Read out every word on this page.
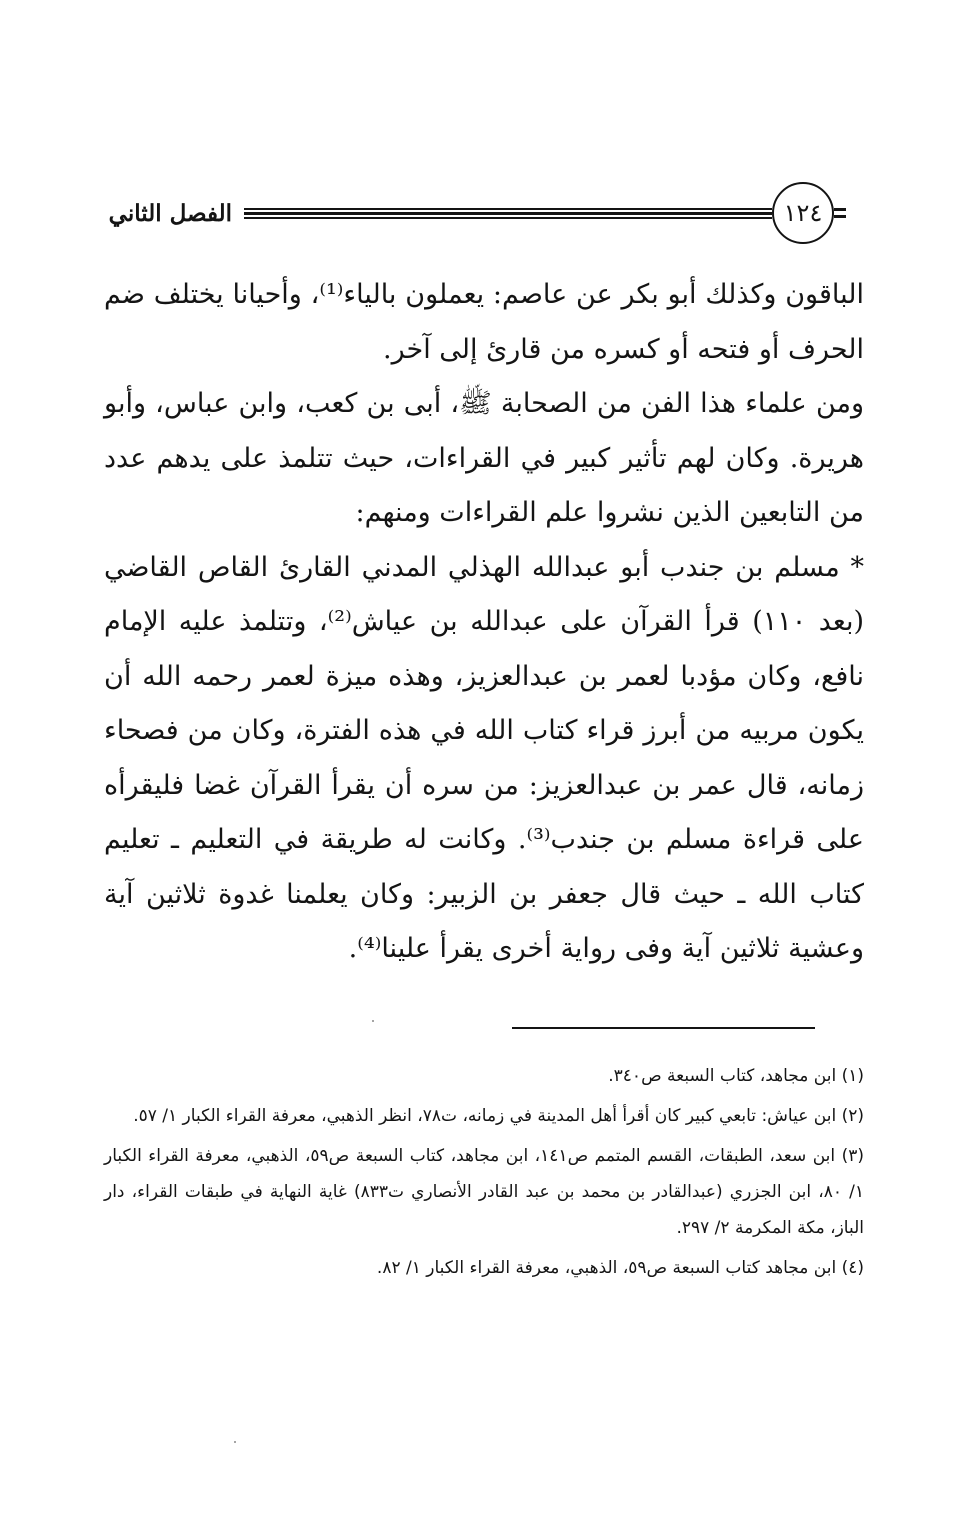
الفصل الثاني	١٢٤

الباقون وكذلك أبو بكر عن عاصم: يعملون بالياء⁽¹⁾، وأحيانا يختلف ضم الحرف أو فتحه أو كسره من قارئ إلى آخر.

ومن علماء هذا الفن من الصحابة ﷺ، أبى بن كعب، وابن عباس، وأبو هريرة. وكان لهم تأثير كبير في القراءات، حيث تتلمذ على يدهم عدد من التابعين الذين نشروا علم القراءات ومنهم:

* مسلم بن جندب أبو عبدالله الهذلي المدني القارئ القاص القاضي (بعد ١١٠) قرأ القرآن على عبدالله بن عياش⁽²⁾، وتتلمذ عليه الإمام نافع، وكان مؤدبا لعمر بن عبدالعزيز، وهذه ميزة لعمر رحمه الله أن يكون مربيه من أبرز قراء كتاب الله في هذه الفترة، وكان من فصحاء زمانه، قال عمر بن عبدالعزيز: من سره أن يقرأ القرآن غضا فليقرأه على قراءة مسلم بن جندب⁽³⁾. وكانت له طريقة في التعليم ـ تعليم كتاب الله ـ حيث قال جعفر بن الزبير: وكان يعلمنا غدوة ثلاثين آية وعشية ثلاثين آية وفى رواية أخرى يقرأ علينا⁽⁴⁾.

(١) ابن مجاهد، كتاب السبعة ص٣٤٠.

(٢) ابن عياش: تابعي كبير كان أقرأ أهل المدينة في زمانه، ت٧٨، انظر الذهبي، معرفة القراء الكبار ١/ ٥٧.

(٣) ابن سعد، الطبقات، القسم المتمم ص١٤١، ابن مجاهد، كتاب السبعة ص٥٩، الذهبي، معرفة القراء الكبار ١/ ٨٠، ابن الجزري (عبدالقادر بن محمد بن عبد القادر الأنصاري ت٨٣٣) غاية النهاية في طبقات القراء، دار الباز، مكة المكرمة ٢/ ٢٩٧.

(٤) ابن مجاهد كتاب السبعة ص٥٩، الذهبي، معرفة القراء الكبار ١/ ٨٢.
